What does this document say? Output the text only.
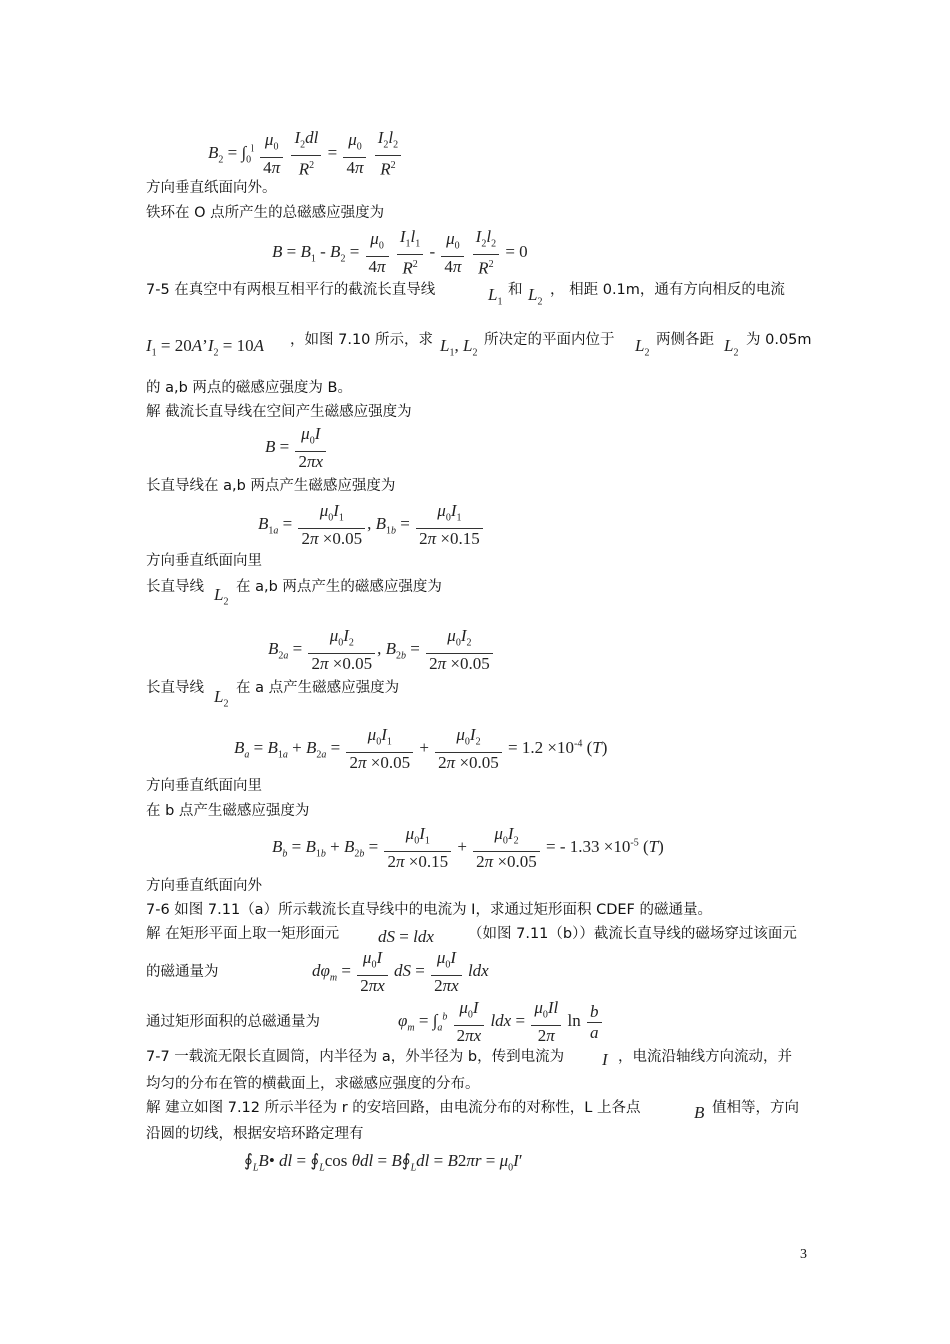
$B_2 = \int_0^l \frac{\mu_0}{4\pi}$
$\frac{I_2dl}{R^2} = \frac{\mu_0}{4\pi}$
$\frac{I_2l_2}{R^2}$
方向垂直纸面向外。
铁环在 O 点所产生的总磁感应强度为
$B = B_1 - B_2 = \frac{\mu_0}{4\pi}$
$\frac{I_1l_1}{R^2} - \frac{\mu_0}{4\pi}$
$\frac{I_2l_2}{R^2} = 0$
7-5 在真空中有两根互相平行的截流长直导线	$L_1$
和 $L_2$
， 相距 0.1m，通有方向相反的电流
$I_1$ = $20A’I_2 = 10A$ ，如图 7.10 所示，求 $L_1$, $L_2$
所决定的平面内位于 $L_2$
两侧各距 $L_2$
为 0.05m
的 a,b 两点的磁感应强度为 B。
解 截流长直导线在空间产生磁感应强度为
$B = \frac{\mu_0I}{2\pi x}$
长直导线在 a,b 两点产生磁感应强度为
$B_{1a} = \frac{\mu_0I_1}{2\pi \times 0.05}$ , $B_{1b} = \frac{\mu_0I_1}{2\pi \times 0.15}$
方向垂直纸面向里
长直导线 $L_2$
在 a,b 两点产生的磁感应强度为
$B_{2a} = \frac{\mu_0I_2}{2\pi \times 0.05}$ , $B_{2b} = \frac{\mu_0I_2}{2\pi \times 0.05}$
长直导线 $L_2$
在 a 点产生磁感应强度为
$B_a = B_{1a} + B_{2a} = \frac{\mu_0I_1}{2\pi \times 0.05} + \frac{\mu_0I_2}{2\pi \times 0.05} = 1.2 \times 10^{-4}$ (T)
方向垂直纸面向里
在 b 点产生磁感应强度为
$B_b = B_{1b} + B_{2b} = \frac{\mu_0I_1}{2\pi \times 0.15} + \frac{\mu_0I_2}{2\pi \times 0.05}$ = - $1.33 \times 10^{-5}$ (T)
方向垂直纸面向外
7-6 如图 7.11（a）所示载流长直导线中的电流为 I，求通过矩形面积 CDEF 的磁通量。
解 在矩形平面上取一矩形面元 dS = ldx （如图 7.11（b））截流长直导线的磁场穿过该面元
的磁通量为	$d\varphi_m = \frac{\mu_0I}{2\pi x}$ dS = $\frac{\mu_0I}{2\pi x}$ ldx
通过矩形面积的总磁通量为	$\varphi_m = \int_a^b \frac{\mu_0I}{2\pi x}$ ldx = $\frac{\mu_0Il}{2\pi}$ $\ln \frac{b}{a}$
7-7 一载流无限长直圆筒，内半径为 a，外半径为 b，传到电流为 I ，电流沿轴线方向流动，并
均匀的分布在管的横截面上，求磁感应强度的分布。
解 建立如图 7.12 所示半径为 r 的安培回路，由电流分布的对称性，L 上各点	B 值相等，方向
沿圆的切线，根据安培环路定理有
$∮_LB•$ dl = $∮_L\cos$ $\theta dl = B∮_Ldl = B2\pi r = \mu_0I'$
3
